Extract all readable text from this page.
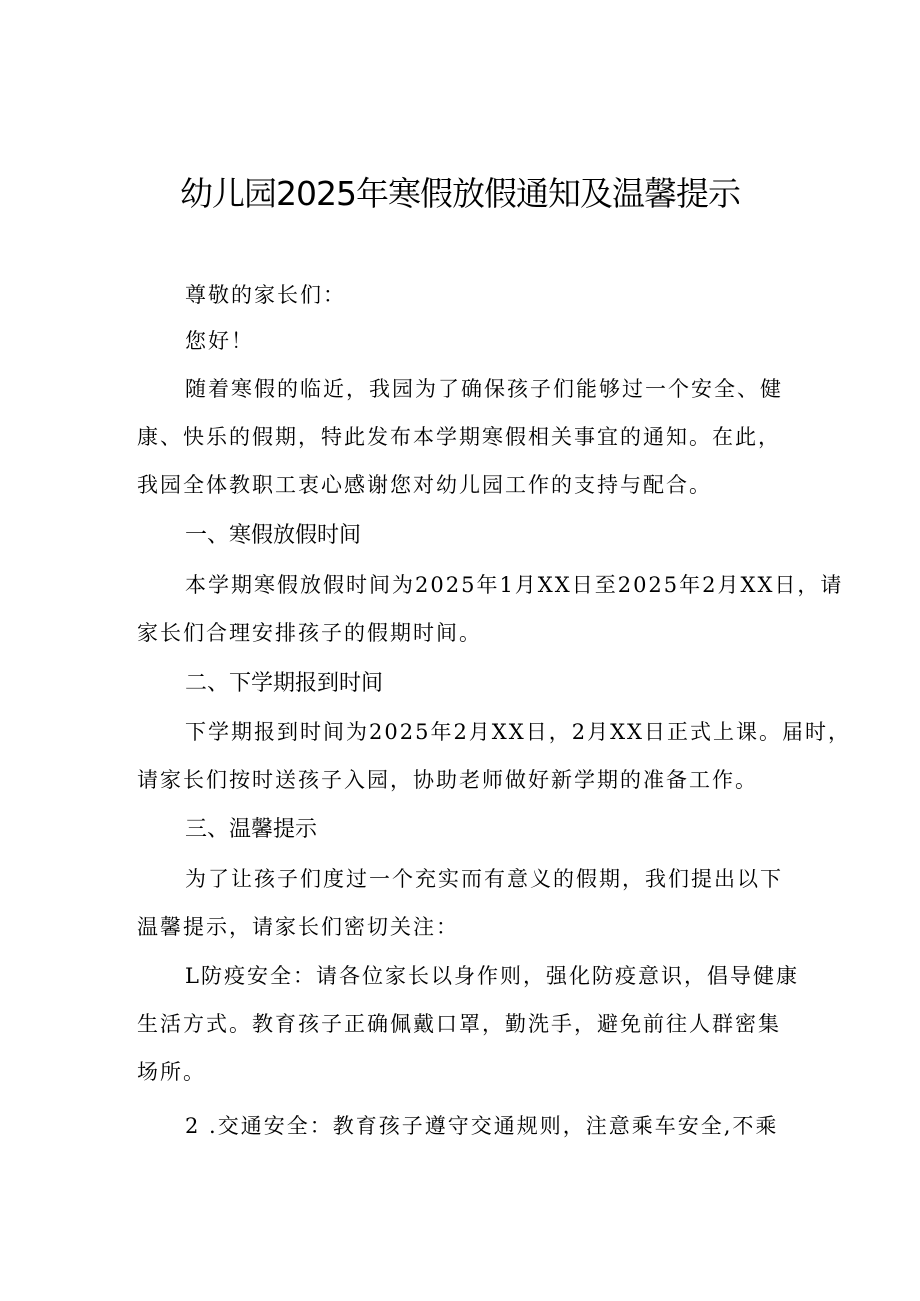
幼儿园2025年寒假放假通知及温馨提示
尊敬的家长们：
您好！
随着寒假的临近，我园为了确保孩子们能够过一个安全、健
康、快乐的假期，特此发布本学期寒假相关事宜的通知。在此，
我园全体教职工衷心感谢您对幼儿园工作的支持与配合。
一、寒假放假时间
本学期寒假放假时间为2025年1月XX日至2025年2月XX日，请
家长们合理安排孩子的假期时间。
二、下学期报到时间
下学期报到时间为2025年2月XX日，2月XX日正式上课。届时，
请家长们按时送孩子入园，协助老师做好新学期的准备工作。
三、温馨提示
为了让孩子们度过一个充实而有意义的假期，我们提出以下
温馨提示，请家长们密切关注：
L防疫安全：请各位家长以身作则，强化防疫意识，倡导健康
生活方式。教育孩子正确佩戴口罩，勤洗手，避免前往人群密集
场所。
2 .交通安全：教育孩子遵守交通规则，注意乘车安全,不乘
